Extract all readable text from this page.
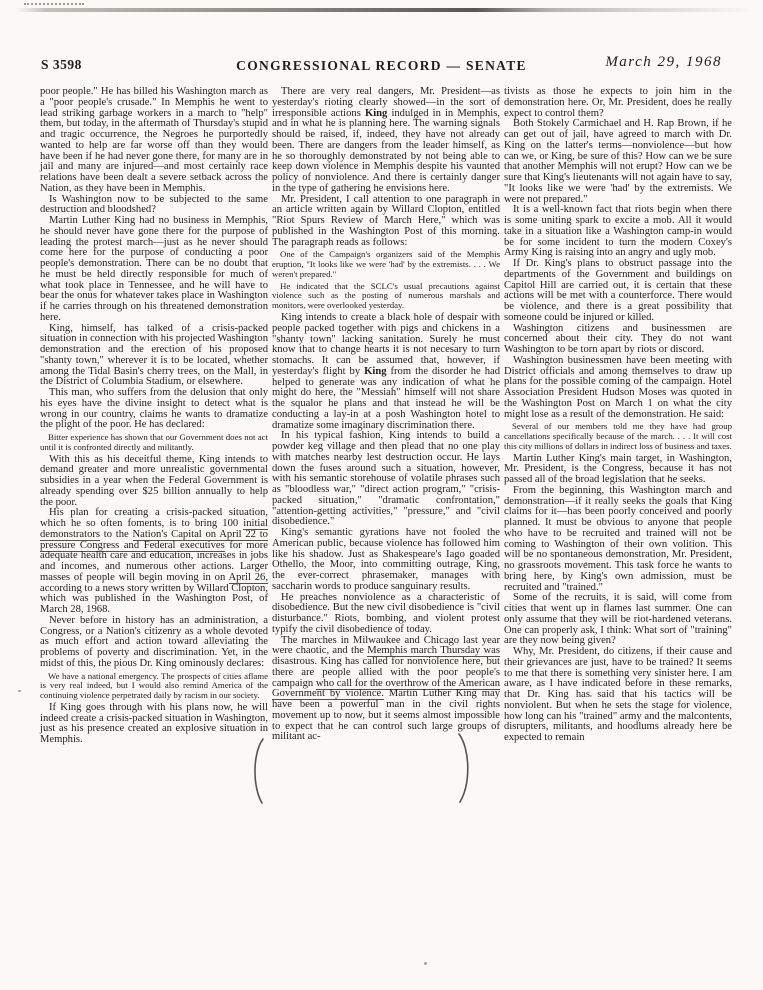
S 3598	CONGRESSIONAL RECORD — SENATE	March 29, 1968

poor people." He has billed his Washington march as a "poor people's crusade." In Memphis he went to lead striking garbage workers in a march to "help" them, but today, in the aftermath of Thursday's stupid and tragic occurrence, the Negroes he purportedly wanted to help are far worse off than they would have been if he had never gone there, for many are in jail and many are injured—and most certainly race relations have been dealt a severe setback across the Nation, as they have been in Memphis.

Is Washington now to be subjected to the same destruction and bloodshed?

Martin Luther King had no business in Memphis, he should never have gone there for the purpose of leading the protest march—just as he never should come here for the purpose of conducting a poor people's demonstration. There can be no doubt that he must be held directly responsible for much of what took place in Tennessee, and he will have to bear the onus for whatever takes place in Washington if he carries through on his threatened demonstration here.

King, himself, has talked of a crisis-packed situation in connection with his projected Washington demonstration and the erection of his proposed "shanty town," wherever it is to be located, whether among the Tidal Basin's cherry trees, on the Mall, in the District of Columbia Stadium, or elsewhere.

This man, who suffers from the delusion that only his eyes have the divine insight to detect what is wrong in our country, claims he wants to dramatize the plight of the poor. He has declared:

Bitter experience has shown that our Government does not act until it is confronted directly and militantly.

With this as his deceitful theme, King intends to demand greater and more unrealistic governmental subsidies in a year when the Federal Government is already spending over $25 billion annually to help the poor.

His plan for creating a crisis-packed situation, which he so often foments, is to bring 100 initial demonstrators to the Nation's Capital on April 22 to pressure Congress and Federal executives for more adequate health care and education, increases in jobs and incomes, and numerous other actions. Larger masses of people will begin moving in on April 26, according to a news story written by Willard Clopton, which was published in the Washington Post, of March 28, 1968.

Never before in history has an administration, a Congress, or a Nation's citizenry as a whole devoted as much effort and action toward alleviating the problems of poverty and discrimination. Yet, in the midst of this, the pious Dr. King ominously declares:

We have a national emergency. The prospects of cities aflame is very real indeed, but I would also remind America of the continuing violence perpetrated daily by racism in our society.

If King goes through with his plans now, he will indeed create a crisis-packed situation in Washington, just as his presence created an explosive situation in Memphis.

There are very real dangers, Mr. President—as yesterday's rioting clearly showed—in the sort of irresponsible actions King indulged in in Memphis, and in what he is planning here. The warning signals should be raised, if, indeed, they have not already been. There are dangers from the leader himself, as he so thoroughly demonstrated by not being able to keep down violence in Memphis despite his vaunted policy of nonviolence. And there is certainly danger in the type of gathering he envisions here.

Mr. President, I call attention to one paragraph in an article written again by Willard Clopton, entitled "Riot Spurs Review of March Here," which was published in the Washington Post of this morning. The paragraph reads as follows:

One of the Campaign's organizers said of the Memphis eruption, "It looks like we were 'had' by the extremists. . . . We weren't prepared."

He indicated that the SCLC's usual precautions against violence such as the posting of numerous marshals and monitors, were overlooked yesterday.

King intends to create a black hole of despair with people packed together with pigs and chickens in a "shanty town" lacking sanitation. Surely he must know that to change hearts it is not necesary to turn stomachs. It can be assumed that, however, if yesterday's flight by King from the disorder he had helped to generate was any indication of what he might do here, the "Messiah" himself will not share the squalor he plans and that instead he will be conducting a lay-in at a posh Washington hotel to dramatize some imaginary discrimination there.

In his typical fashion, King intends to build a powder keg village and then plead that no one play with matches nearby lest destruction occur. He lays down the fuses around such a situation, however, with his semantic storehouse of volatile phrases such as "bloodless war," "direct action program," "crisis-packed situation," "dramatic confrontation," "attention-getting activities," "pressure," and "civil disobedience."

King's semantic gyrations have not fooled the American public, because violence has followed him like his shadow. Just as Shakespeare's Iago goaded Othello, the Moor, into committing outrage, King, the ever-correct phrasemaker, manages with saccharin words to produce sanguinary results.

He preaches nonviolence as a characteristic of disobedience. But the new civil disobedience is "civil disturbance." Riots, bombing, and violent protest typify the civil disobedience of today.

The marches in Milwaukee and Chicago last year were chaotic, and the Memphis march Thursday was disastrous. King has called for nonviolence here, but there are people allied with the poor people's campaign who call for the overthrow of the American Government by violence. Martin Luther King may have been a powerful man in the civil rights movement up to now, but it seems almost impossible to expect that he can control such large groups of militant ac-

tivists as those he expects to join him in the demonstration here. Or, Mr. President, does he really expect to control them?

Both Stokely Carmichael and H. Rap Brown, if he can get out of jail, have agreed to march with Dr. King on the latter's terms—nonviolence—but how can we, or King, be sure of this? How can we be sure that another Memphis will not erupt? How can we be sure that King's lieutenants will not again have to say, "It looks like we were 'had' by the extremists. We were not prepared."

It is a well-known fact that riots begin when there is some uniting spark to excite a mob. All it would take in a situation like a Washington camp-in would be for some incident to turn the modern Coxey's Army King is raising into an angry and ugly mob.

If Dr. King's plans to obstruct passage into the departments of the Government and buildings on Capitol Hill are carried out, it is certain that these actions will be met with a counterforce. There would be violence, and there is a great possibility that someone could be injured or killed.

Washington citizens and businessmen are concerned about their city. They do not want Washington to be torn apart by riots or discord.

Washington businessmen have been meeting with District officials and among themselves to draw up plans for the possible coming of the campaign. Hotel Association President Hudson Moses was quoted in the Washington Post on March 1 on what the city might lose as a result of the demonstration. He said:

Several of our members told me they have had group cancellations specifically because of the march. . . . It will cost this city millions of dollars in indirect loss of business and taxes.

Martin Luther King's main target, in Washington, Mr. President, is the Congress, because it has not passed all of the broad legislation that he seeks.

From the beginning, this Washington march and demonstration—if it really seeks the goals that King claims for it—has been poorly conceived and poorly planned. It must be obvious to anyone that people who have to be recruited and trained will not be coming to Washington of their own volition. This will be no spontaneous demonstration, Mr. President, no grassroots movement. This task force he wants to bring here, by King's own admission, must be recruited and "trained."

Some of the recruits, it is said, will come from cities that went up in flames last summer. One can only assume that they will be riot-hardened veterans. One can properly ask, I think: What sort of "training" are they now being given?

Why, Mr. President, do citizens, if their cause and their grievances are just, have to be trained? It seems to me that there is something very sinister here. I am aware, as I have indicated before in these remarks, that Dr. King has said that his tactics will be nonviolent. But when he sets the stage for violence, how long can his "trained" army and the malcontents, disrupters, militants, and hoodlums already here be expected to remain
